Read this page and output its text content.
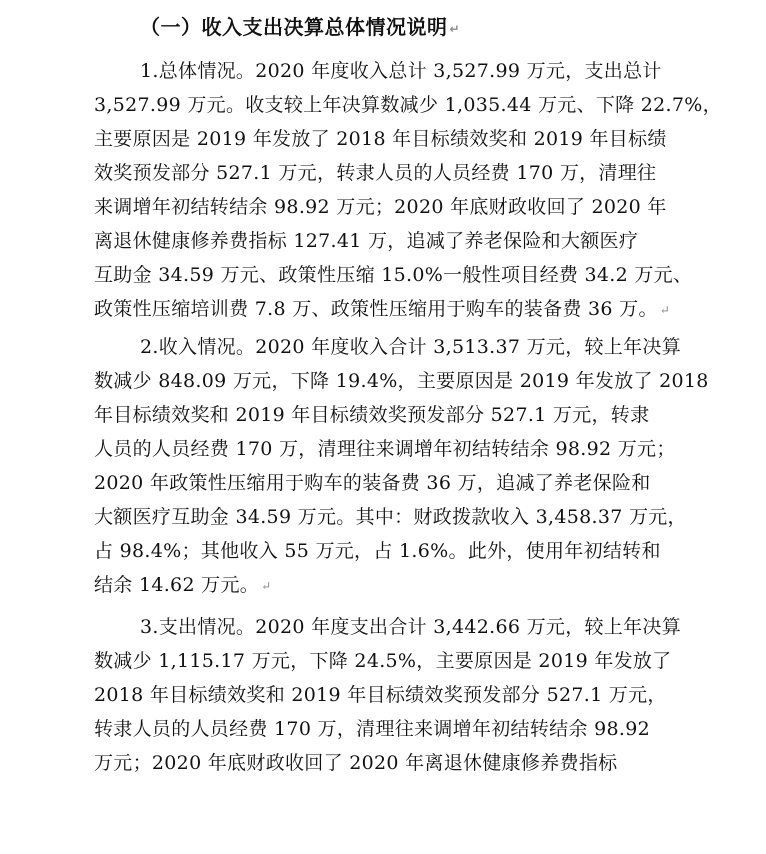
（一）收入支出决算总体情况说明 ↵
1.总体情况。2020 年度收入总计 3,527.99 万元，支出总计
3,527.99 万元。收支较上年决算数减少 1,035.44 万元、下降 22.7%，
主要原因是 2019 年发放了 2018 年目标绩效奖和 2019 年目标绩
效奖预发部分 527.1 万元，转隶人员的人员经费 170 万，清理往
来调增年初结转结余 98.92 万元；2020 年底财政收回了 2020 年
离退休健康修养费指标 127.41 万，追减了养老保险和大额医疗
互助金 34.59 万元、政策性压缩 15.0%一般性项目经费 34.2 万元、
政策性压缩培训费 7.8 万、政策性压缩用于购车的装备费 36 万。 ↵
2.收入情况。2020 年度收入合计 3,513.37 万元，较上年决算
数减少 848.09 万元，下降 19.4%，主要原因是 2019 年发放了 2018
年目标绩效奖和 2019 年目标绩效奖预发部分 527.1 万元，转隶
人员的人员经费 170 万，清理往来调增年初结转结余 98.92 万元；
2020 年政策性压缩用于购车的装备费 36 万，追减了养老保险和
大额医疗互助金 34.59 万元。其中：财政拨款收入 3,458.37 万元，
占 98.4%；其他收入 55 万元，占 1.6%。此外，使用年初结转和
结余 14.62 万元。 ↵
3.支出情况。2020 年度支出合计 3,442.66 万元，较上年决算
数减少 1,115.17 万元，下降 24.5%，主要原因是 2019 年发放了
2018 年目标绩效奖和 2019 年目标绩效奖预发部分 527.1 万元，
转隶人员的人员经费 170 万，清理往来调增年初结转结余 98.92
万元；2020 年底财政收回了 2020 年离退休健康修养费指标
